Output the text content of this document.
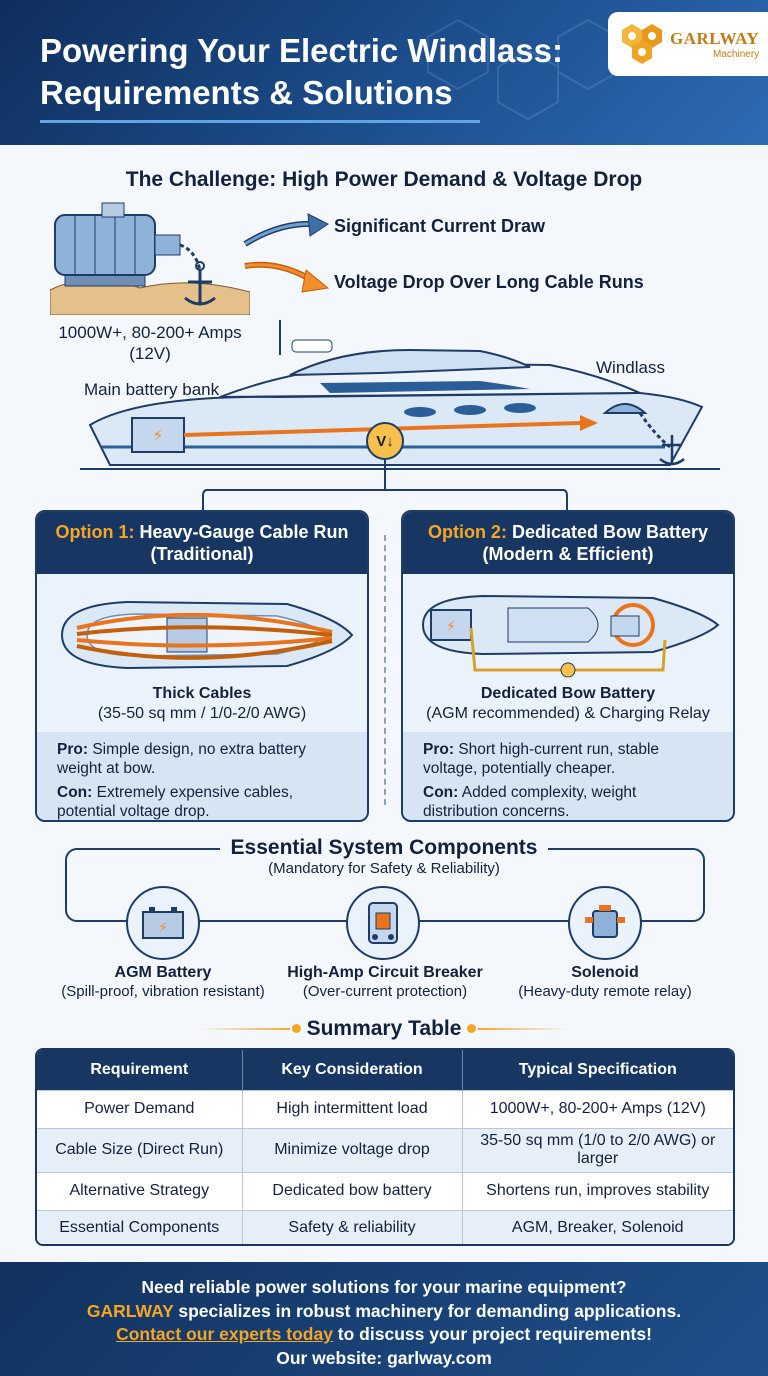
Powering Your Electric Windlass: Requirements & Solutions
GARLWAY
Machinery
The Challenge: High Power Demand & Voltage Drop
Significant Current Draw
Voltage Drop Over Long Cable Runs
1000W+, 80-200+ Amps
(12V)
Main battery bank
Windlass
⚡	V↓
Option 1: Heavy-Gauge Cable Run
(Traditional)
Thick Cables
(35-50 sq mm / 1/0-2/0 AWG)

Pro: Simple design, no extra battery weight at bow.

Con: Extremely expensive cables, potential voltage drop.

Option 2: Dedicated Bow Battery
(Modern & Efficient)
⚡
Dedicated Bow Battery
(AGM recommended) & Charging Relay

Pro: Short high-current run, stable voltage, potentially cheaper.

Con: Added complexity, weight distribution concerns.

Essential System Components
(Mandatory for Safety & Reliability)
⚡
AGM Battery
(Spill-proof, vibration resistant)
High-Amp Circuit Breaker
(Over-current protection)
Solenoid
(Heavy-duty remote relay)
Summary Table
Requirement	Key Consideration	Typical Specification
Power Demand	High intermittent load	1000W+, 80-200+ Amps (12V)
Cable Size (Direct Run)	Minimize voltage drop	35-50 sq mm (1/0 to 2/0 AWG) or larger
Alternative Strategy	Dedicated bow battery	Shortens run, improves stability
Essential Components	Safety & reliability	AGM, Breaker, Solenoid
Need reliable power solutions for your marine equipment?
GARLWAY specializes in robust machinery for demanding applications.
Contact our experts today to discuss your project requirements!
Our website: garlway.com
